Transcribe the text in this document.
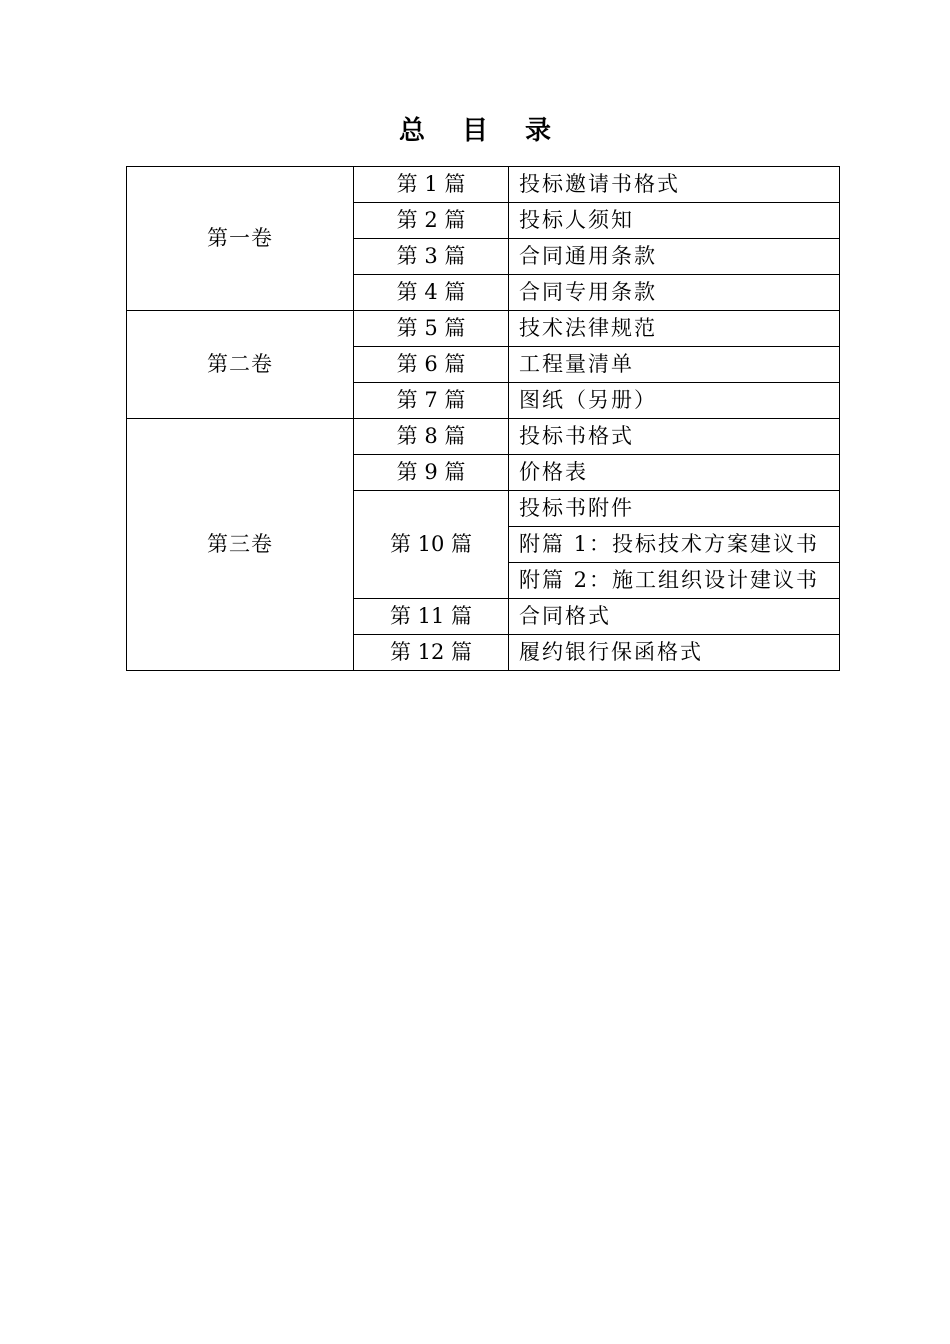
总 目 录
第一卷	第 1 篇	投标邀请书格式
	第 2 篇	投标人须知
	第 3 篇	合同通用条款
	第 4 篇	合同专用条款
第二卷	第 5 篇	技术法律规范
	第 6 篇	工程量清单
	第 7 篇	图纸（另册）
第三卷	第 8 篇	投标书格式
	第 9 篇	价格表
	第 10 篇	投标书附件
		附篇 1：投标技术方案建议书
		附篇 2：施工组织设计建议书
	第 11 篇	合同格式
	第 12 篇	履约银行保函格式
